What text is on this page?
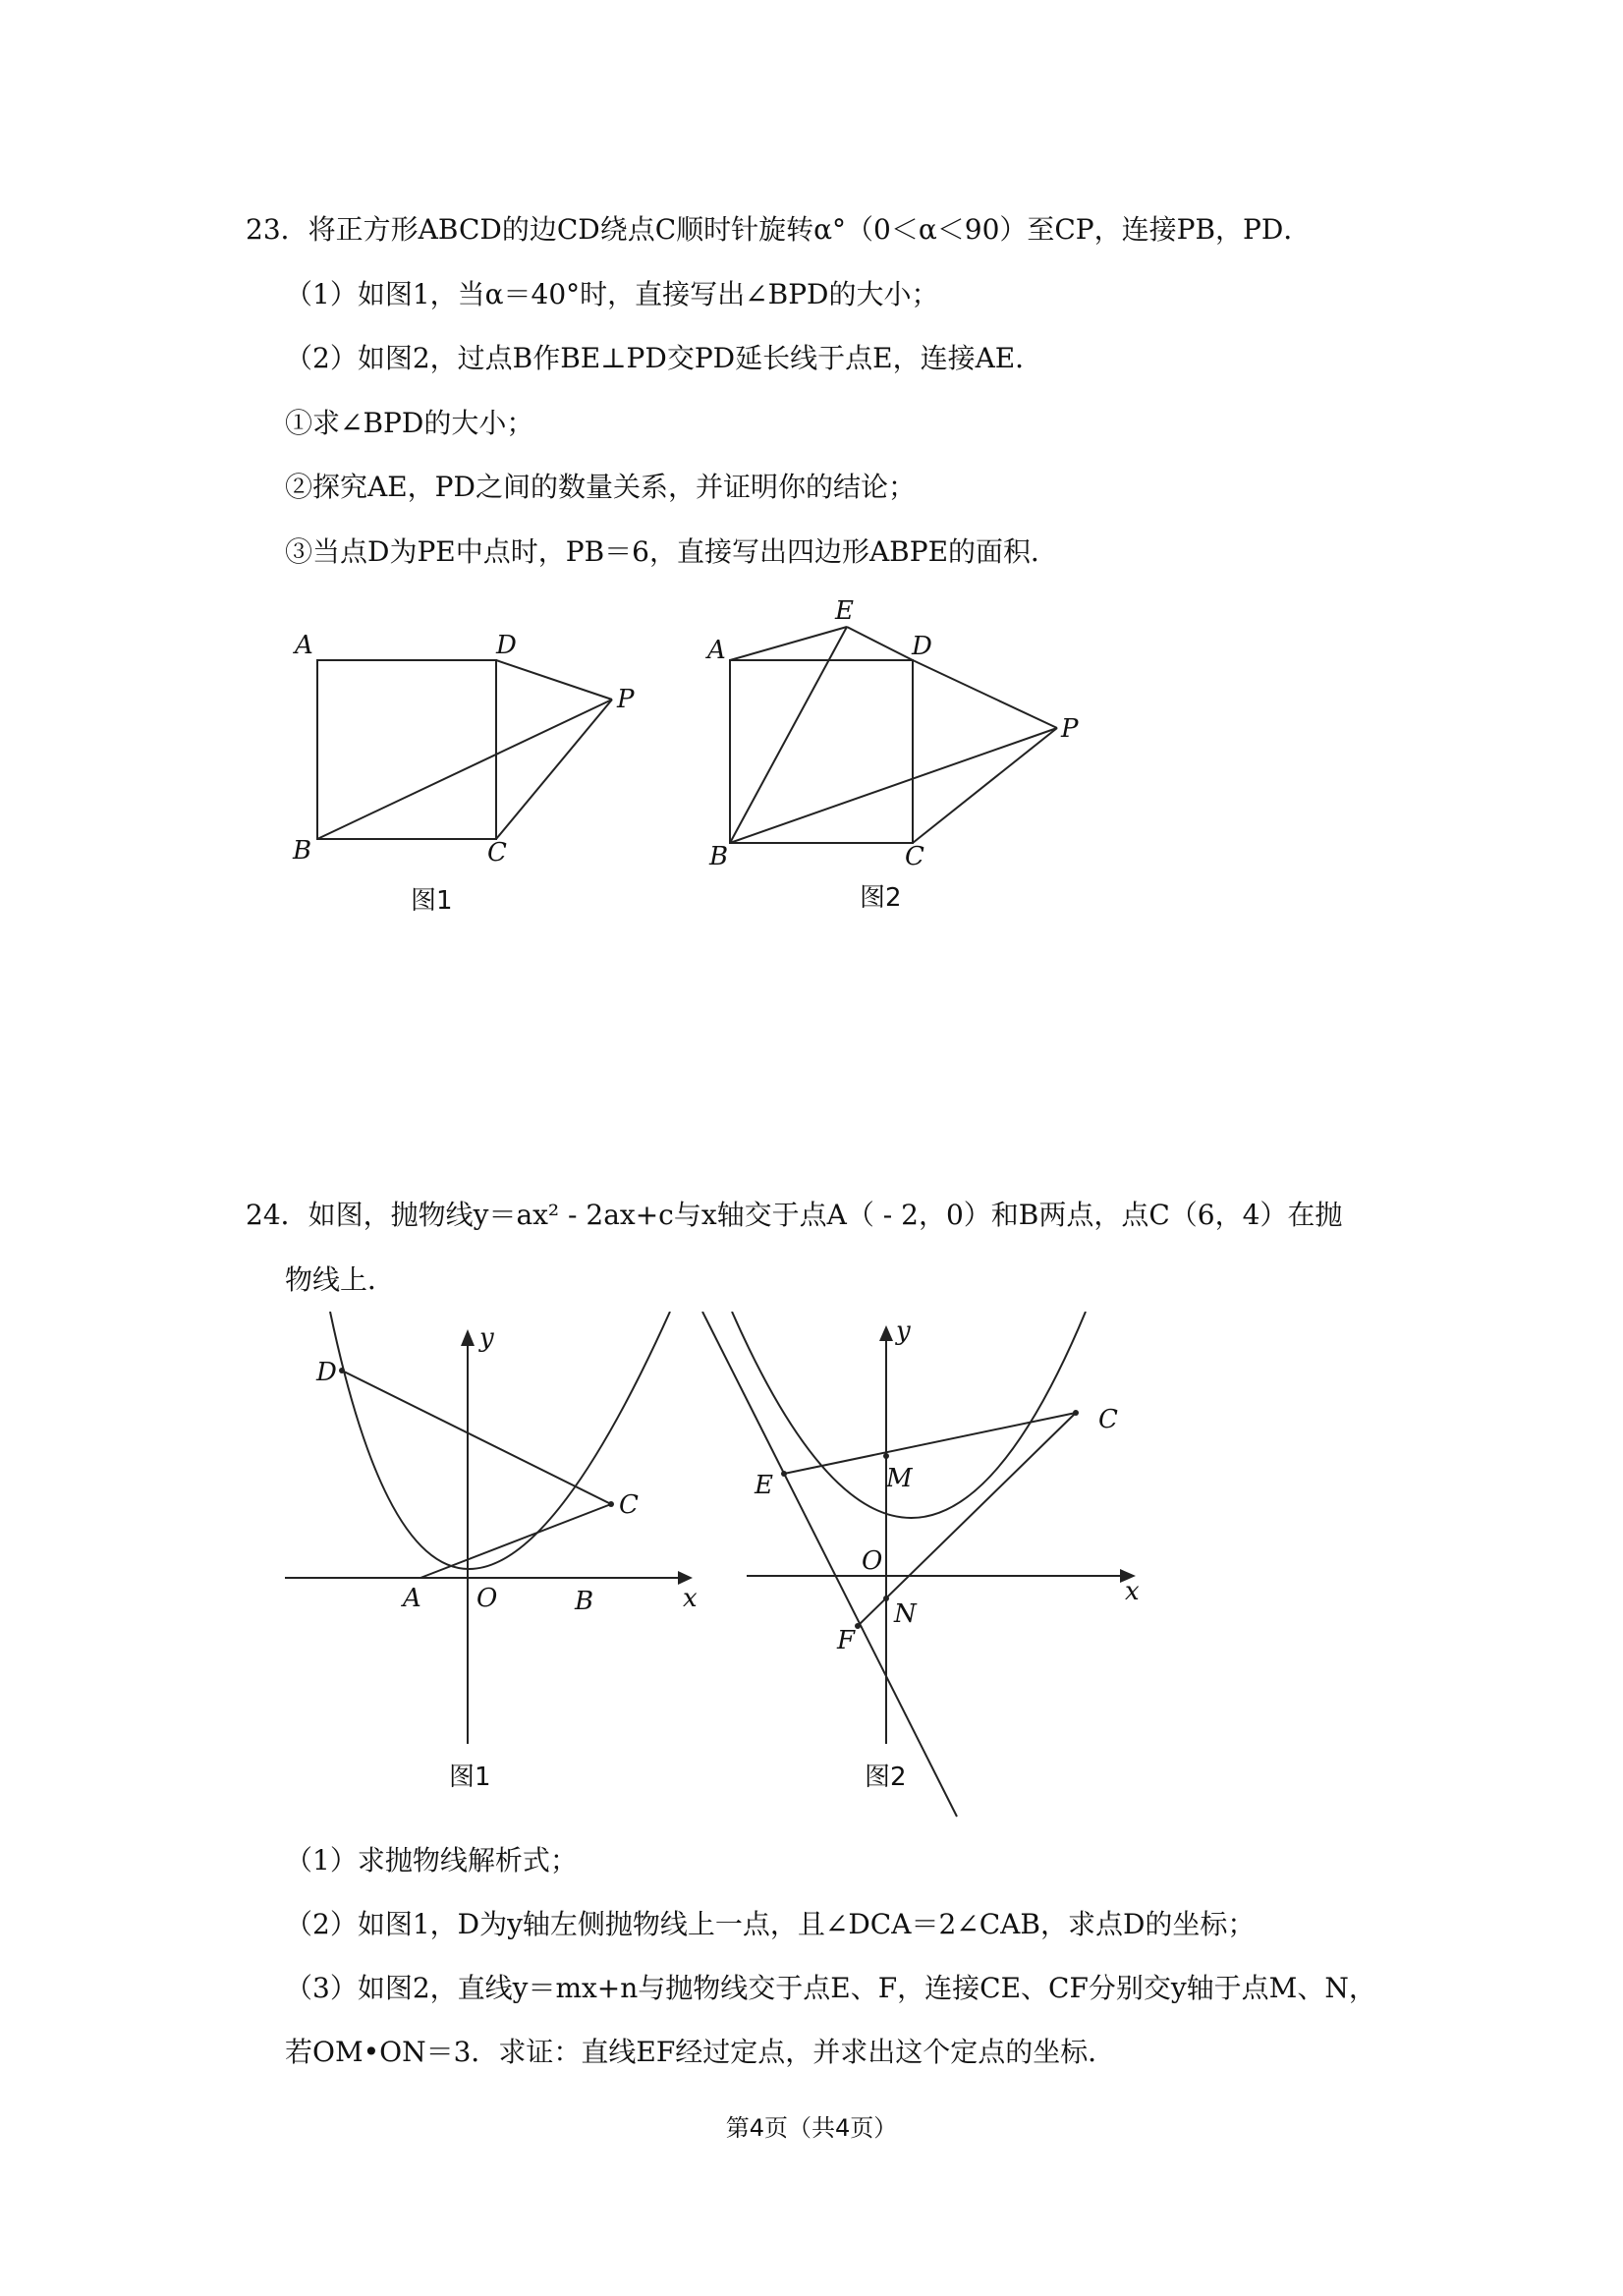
23．将正方形ABCD的边CD绕点C顺时针旋转α°（0＜α＜90）至CP，连接PB，PD．
（1）如图1，当α＝40°时，直接写出∠BPD的大小；
（2）如图2，过点B作BE⊥PD交PD延长线于点E，连接AE．
①求∠BPD的大小；
②探究AE，PD之间的数量关系，并证明你的结论；
③当点D为PE中点时，PB＝6，直接写出四边形ABPE的面积．
A	D
P
B	C
图1
A
E
D
P
B	C
图2
24．如图，抛物线y＝ax² - 2ax+c与x轴交于点A（ - 2，0）和B两点，点C（6，4）在抛
物线上．
D
C
A O	B	x
y
图1
E
C
M
O
N
F
x
y
图2
（1）求抛物线解析式；
（2）如图1，D为y轴左侧抛物线上一点，且∠DCA＝2∠CAB，求点D的坐标；
（3）如图2，直线y＝mx+n与抛物线交于点E、F，连接CE、CF分别交y轴于点M、N，
若OM•ON＝3．求证：直线EF经过定点，并求出这个定点的坐标．
第4页（共4页）
